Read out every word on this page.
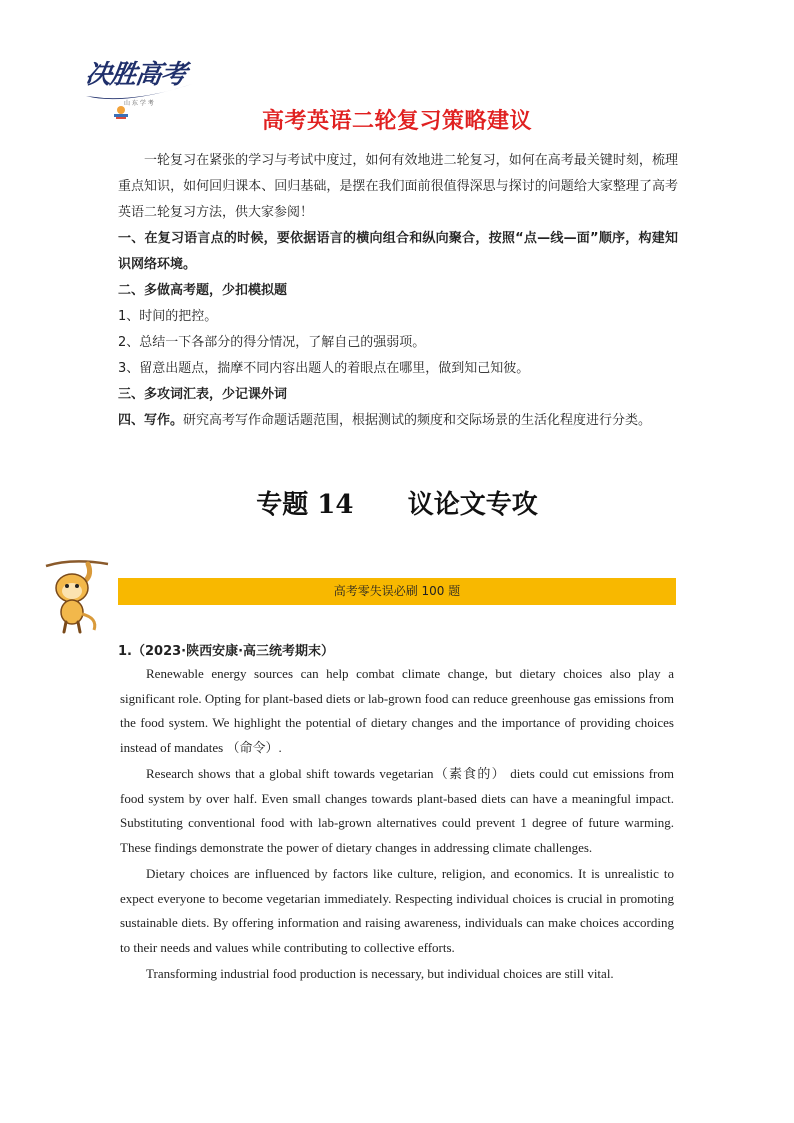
决胜高考
山 东 学 考
高考英语二轮复习策略建议

一轮复习在紧张的学习与考试中度过，如何有效地进二轮复习，如何在高考最关键时刻，梳理重点知识，如何回归课本、回归基础，是摆在我们面前很值得深思与探讨的问题给大家整理了高考英语二轮复习方法，供大家参阅！

一、在复习语言点的时候，要依据语言的横向组合和纵向聚合，按照“点—线—面”顺序，构建知识网络环境。

二、多做高考题，少扣模拟题

1、时间的把控。

2、总结一下各部分的得分情况，了解自己的强弱项。

3、留意出题点，揣摩不同内容出题人的着眼点在哪里，做到知己知彼。

三、多攻词汇表，少记课外词

四、写作。研究高考写作命题话题范围，根据测试的频度和交际场景的生活化程度进行分类。

专题 14      议论文专攻
高考零失误必刷 100 题
1.（2023·陕西安康·高三统考期末）

Renewable energy sources can help combat climate change, but dietary choices also play a significant role. Opting for plant-based diets or lab-grown food can reduce greenhouse gas emissions from the food system. We highlight the potential of dietary changes and the importance of providing choices instead of mandates （命令）.

Research shows that a global shift towards vegetarian（素食的） diets could cut emissions from food system by over half. Even small changes towards plant-based diets can have a meaningful impact. Substituting conventional food with lab-grown alternatives could prevent 1 degree of future warming. These findings demonstrate the power of dietary changes in addressing climate challenges.

Dietary choices are influenced by factors like culture, religion, and economics. It is unrealistic to expect everyone to become vegetarian immediately. Respecting individual choices is crucial in promoting sustainable diets. By offering information and raising awareness, individuals can make choices according to their needs and values while contributing to collective efforts.

Transforming industrial food production is necessary, but individual choices are still vital.
